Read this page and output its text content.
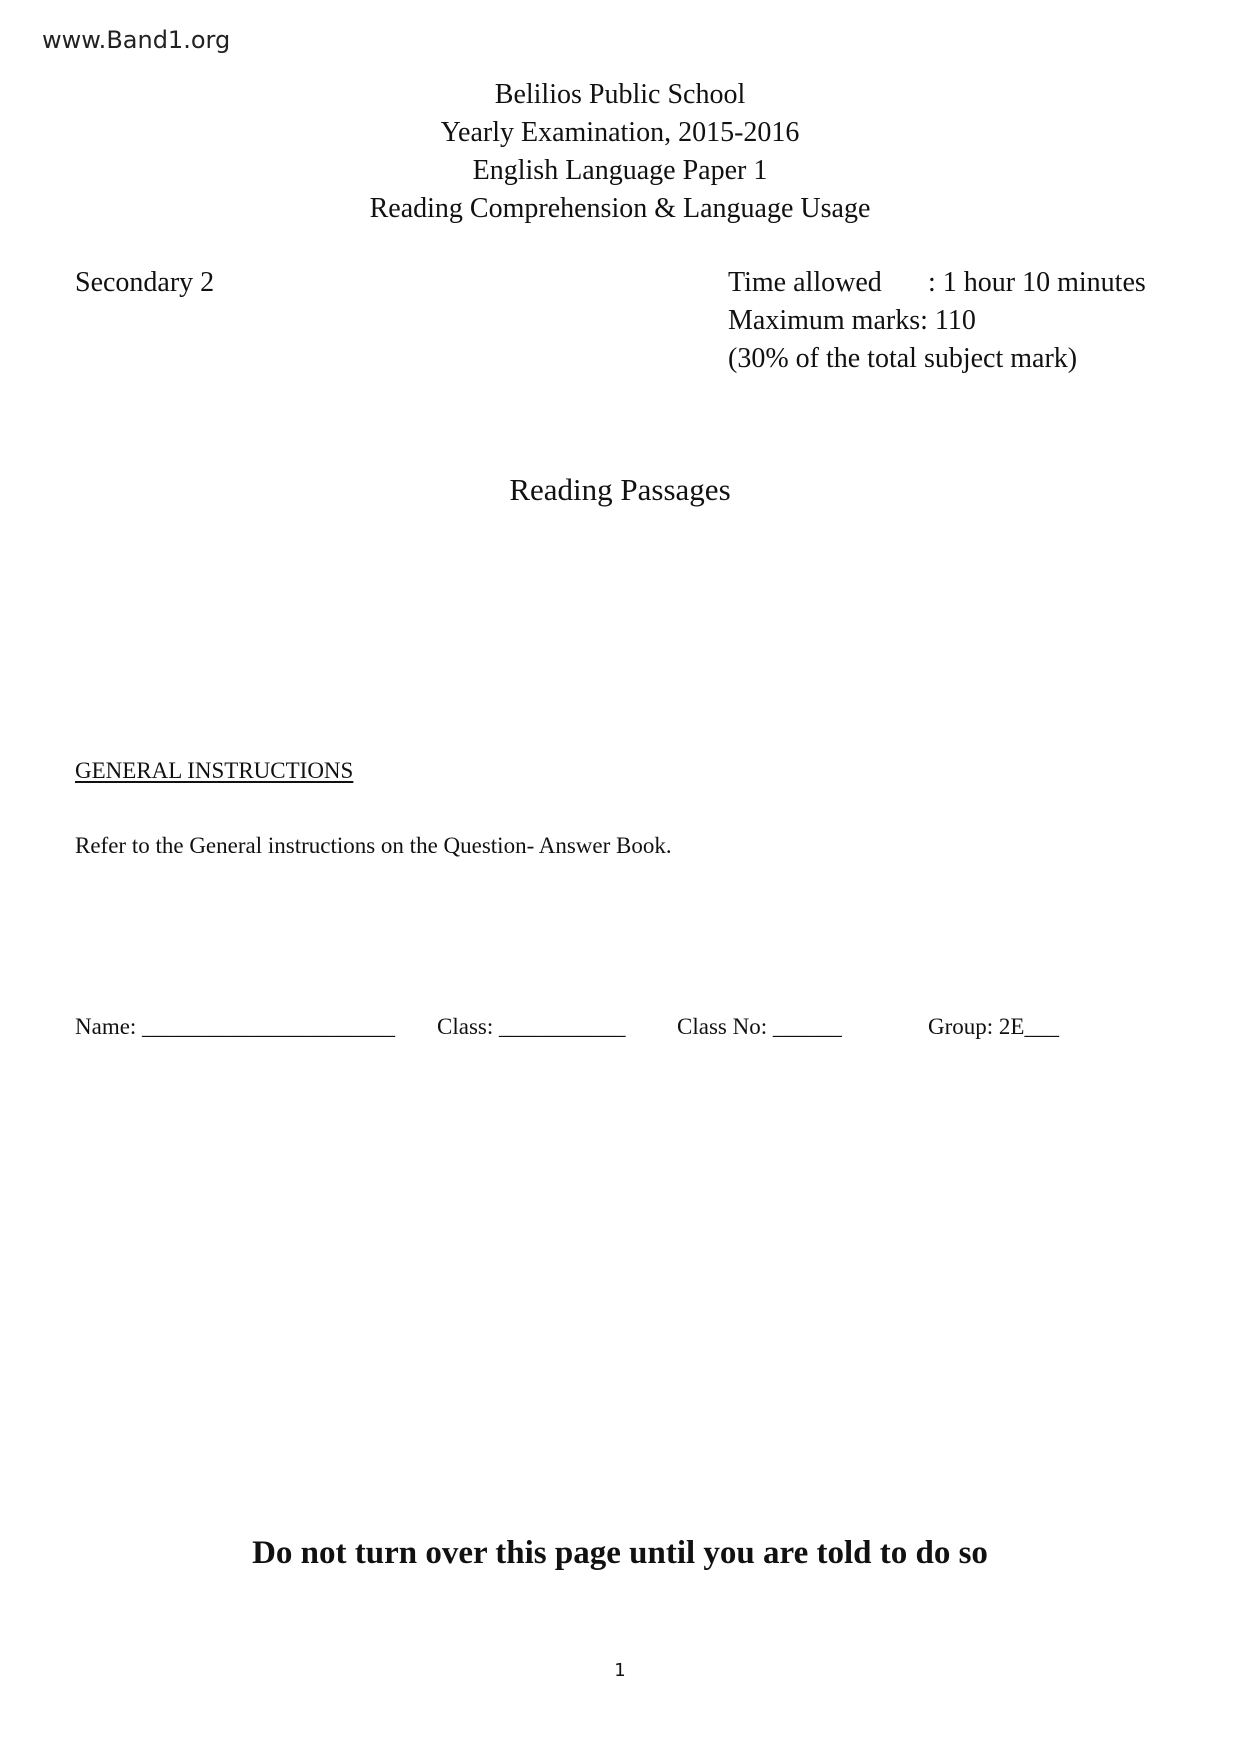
www.Band1.org
Belilios Public School
Yearly Examination, 2015-2016
English Language Paper 1
Reading Comprehension & Language Usage
Secondary 2	Time allowed : 1 hour 10 minutes
Maximum marks: 110
(30% of the total subject mark)
Reading Passages
GENERAL INSTRUCTIONS
Refer to the General instructions on the Question- Answer Book.
Name: ______________________ Class: ___________ Class No: ______	Group: 2E___
Do not turn over this page until you are told to do so
1
